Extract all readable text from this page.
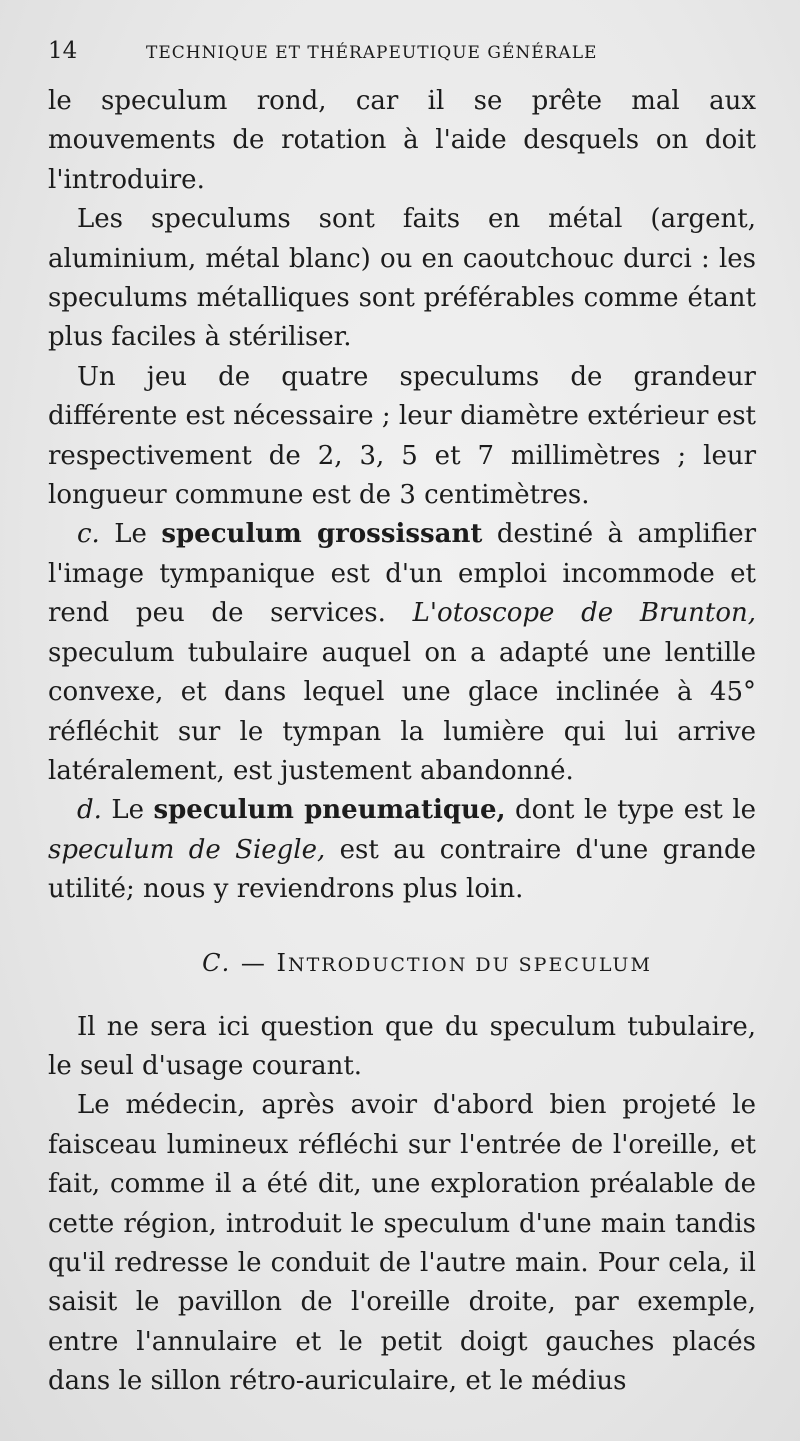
14	TECHNIQUE ET THÉRAPEUTIQUE GÉNÉRALE

le speculum rond, car il se prête mal aux mouvements de rotation à l'aide desquels on doit l'introduire.

Les speculums sont faits en métal (argent, aluminium, métal blanc) ou en caoutchouc durci : les speculums métalliques sont préférables comme étant plus faciles à stériliser.

Un jeu de quatre speculums de grandeur différente est nécessaire ; leur diamètre extérieur est respectivement de 2, 3, 5 et 7 millimètres ; leur longueur commune est de 3 centimètres.

c. Le speculum grossissant destiné à amplifier l'image tympanique est d'un emploi incommode et rend peu de services. L'otoscope de Brunton, speculum tubulaire auquel on a adapté une lentille convexe, et dans lequel une glace inclinée à 45° réfléchit sur le tympan la lumière qui lui arrive latéralement, est justement abandonné.

d. Le speculum pneumatique, dont le type est le speculum de Siegle, est au contraire d'une grande utilité; nous y reviendrons plus loin.

C. — INTRODUCTION DU SPECULUM

Il ne sera ici question que du speculum tubulaire, le seul d'usage courant.

Le médecin, après avoir d'abord bien projeté le faisceau lumineux réfléchi sur l'entrée de l'oreille, et fait, comme il a été dit, une exploration préalable de cette région, introduit le speculum d'une main tandis qu'il redresse le conduit de l'autre main. Pour cela, il saisit le pavillon de l'oreille droite, par exemple, entre l'annulaire et le petit doigt gauches placés dans le sillon rétro-auriculaire, et le médius
